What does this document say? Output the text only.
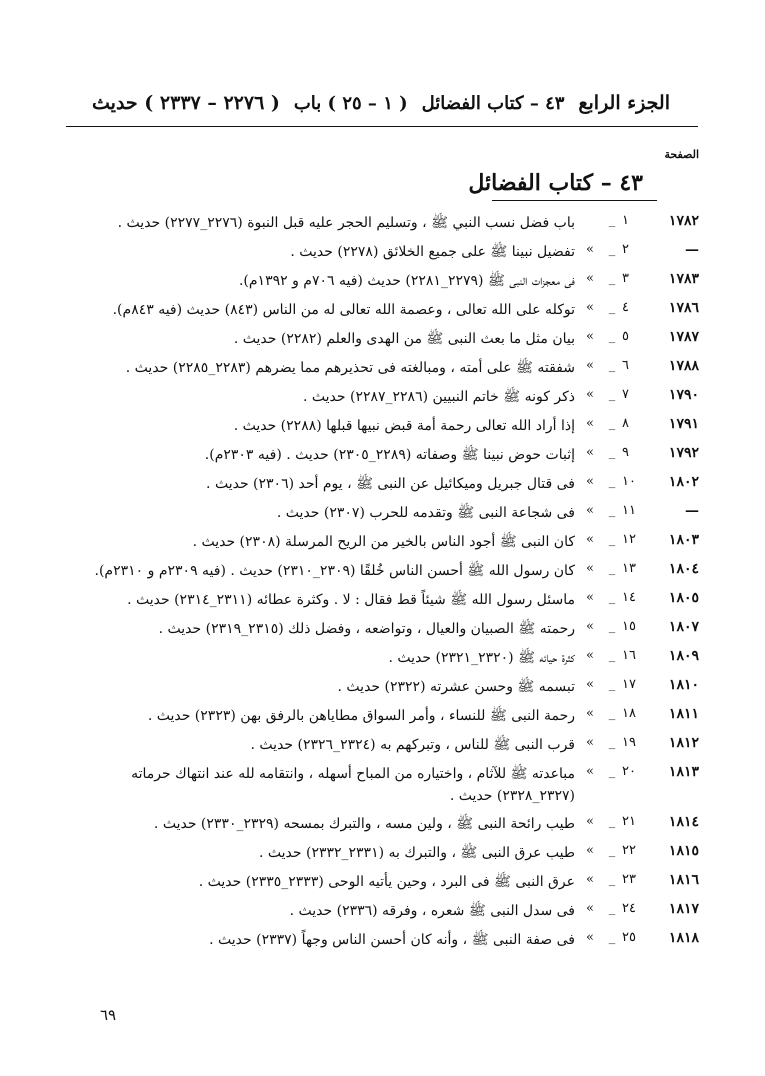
الجزء الرابع
٤٣ – كتاب الفضائل
( ١ – ٢٥ ) باب
( ٢٢٧٦ – ٢٣٣٧ ) حديث
الصفحة
٤٣ – كتاب الفضائل
١٧٨٢
١
_
باب فضل نسب النبي ﷺ ، وتسليم الحجر عليه قبل النبوة (٢٢٧٦_٢٢٧٧) حديث .
—
٢
_
»
تفضيل نبينا ﷺ على جميع الخلائق (٢٢٧٨) حديث .
١٧٨٣
٣
_
»
فى معجزات النبى ﷺ (٢٢٧٩_٢٢٨١) حديث (فيه ٧٠٦م و ١٣٩٢م).
١٧٨٦
٤
_
»
توكله على الله تعالى ، وعصمة الله تعالى له من الناس (٨٤٣) حديث (فيه ٨٤٣م).
١٧٨٧
٥
_
»
بيان مثل ما بعث النبى ﷺ من الهدى والعلم (٢٢٨٢) حديث .
١٧٨٨
٦
_
»
شفقته ﷺ على أمته ، ومبالغته فى تحذيرهم مما يضرهم (٢٢٨٣_٢٢٨٥) حديث .
١٧٩٠
٧
_
»
ذكر كونه ﷺ خاتم النبيين (٢٢٨٦_٢٢٨٧) حديث .
١٧٩١
٨
_
»
إذا أراد الله تعالى رحمة أمة قبض نبيها قبلها (٢٢٨٨) حديث .
١٧٩٢
٩
_
»
إثبات حوض نبينا ﷺ وصفاته (٢٢٨٩_٢٣٠٥) حديث . (فيه ٢٣٠٣م).
١٨٠٢
١٠
_
»
فى قتال جبريل وميكائيل عن النبى ﷺ ، يوم أحد (٢٣٠٦) حديث .
—
١١
_
»
فى شجاعة النبى ﷺ وتقدمه للحرب (٢٣٠٧) حديث .
١٨٠٣
١٢
_
»
كان النبى ﷺ أجود الناس بالخير من الريح المرسلة (٢٣٠٨) حديث .
١٨٠٤
١٣
_
»
كان رسول الله ﷺ أحسن الناس خُلقًا (٢٣٠٩_٢٣١٠) حديث . (فيه ٢٣٠٩م و ٢٣١٠م).
١٨٠٥
١٤
_
»
ماسئل رسول الله ﷺ شيئاً قط فقال : لا . وكثرة عطائه (٢٣١١_٢٣١٤) حديث .
١٨٠٧
١٥
_
»
رحمته ﷺ الصبيان والعيال ، وتواضعه ، وفضل ذلك (٢٣١٥_٢٣١٩) حديث .
١٨٠٩
١٦
_
»
كثرة حيائه ﷺ (٢٣٢٠_٢٣٢١) حديث .
١٨١٠
١٧
_
»
تبسمه ﷺ وحسن عشرته (٢٣٢٢) حديث .
١٨١١
١٨
_
»
رحمة النبى ﷺ للنساء ، وأمر السواق مطاياهن بالرفق بهن (٢٣٢٣) حديث .
١٨١٢
١٩
_
»
قرب النبى ﷺ للناس ، وتبركهم به (٢٣٢٤_٢٣٢٦) حديث .
١٨١٣
٢٠
_
»
مباعدته ﷺ للآثام ، واختياره من المباح أسهله ، وانتقامه لله عند انتهاك حرماته (٢٣٢٧_٢٣٢٨) حديث .
١٨١٤
٢١
_
»
طيب رائحة النبى ﷺ ، ولين مسه ، والتبرك بمسحه (٢٣٢٩_٢٣٣٠) حديث .
١٨١٥
٢٢
_
»
طيب عرق النبى ﷺ ، والتبرك به (٢٣٣١_٢٣٣٢) حديث .
١٨١٦
٢٣
_
»
عرق النبى ﷺ فى البرد ، وحين يأتيه الوحى (٢٣٣٣_٢٣٣٥) حديث .
١٨١٧
٢٤
_
»
فى سدل النبى ﷺ شعره ، وفرقه (٢٣٣٦) حديث .
١٨١٨
٢٥
_
»
فى صفة النبى ﷺ ، وأنه كان أحسن الناس وجهاً (٢٣٣٧) حديث .
٦٩
